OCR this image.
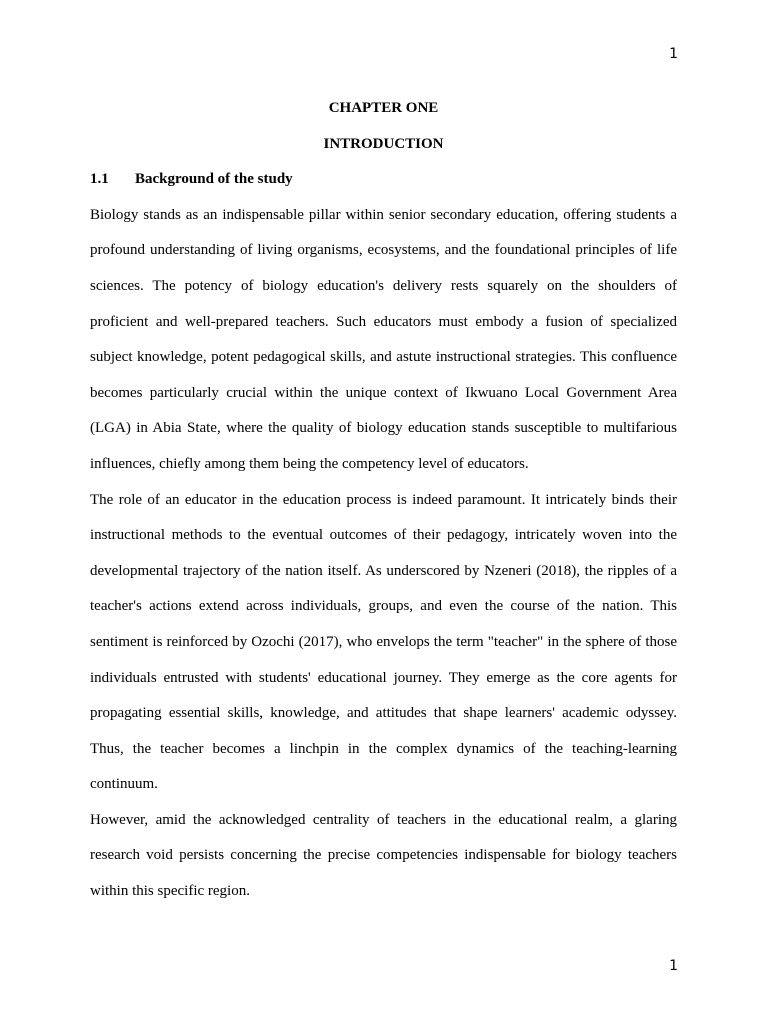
1

CHAPTER ONE

INTRODUCTION

1.1	Background of the study

Biology stands as an indispensable pillar within senior secondary education, offering students a profound understanding of living organisms, ecosystems, and the foundational principles of life sciences. The potency of biology education's delivery rests squarely on the shoulders of proficient and well-prepared teachers. Such educators must embody a fusion of specialized subject knowledge, potent pedagogical skills, and astute instructional strategies. This confluence becomes particularly crucial within the unique context of Ikwuano Local Government Area (LGA) in Abia State, where the quality of biology education stands susceptible to multifarious influences, chiefly among them being the competency level of educators.

The role of an educator in the education process is indeed paramount. It intricately binds their instructional methods to the eventual outcomes of their pedagogy, intricately woven into the developmental trajectory of the nation itself. As underscored by Nzeneri (2018), the ripples of a teacher's actions extend across individuals, groups, and even the course of the nation. This sentiment is reinforced by Ozochi (2017), who envelops the term "teacher" in the sphere of those individuals entrusted with students' educational journey. They emerge as the core agents for propagating essential skills, knowledge, and attitudes that shape learners' academic odyssey. Thus, the teacher becomes a linchpin in the complex dynamics of the teaching-learning continuum.

However, amid the acknowledged centrality of teachers in the educational realm, a glaring research void persists concerning the precise competencies indispensable for biology teachers within this specific region.

1
